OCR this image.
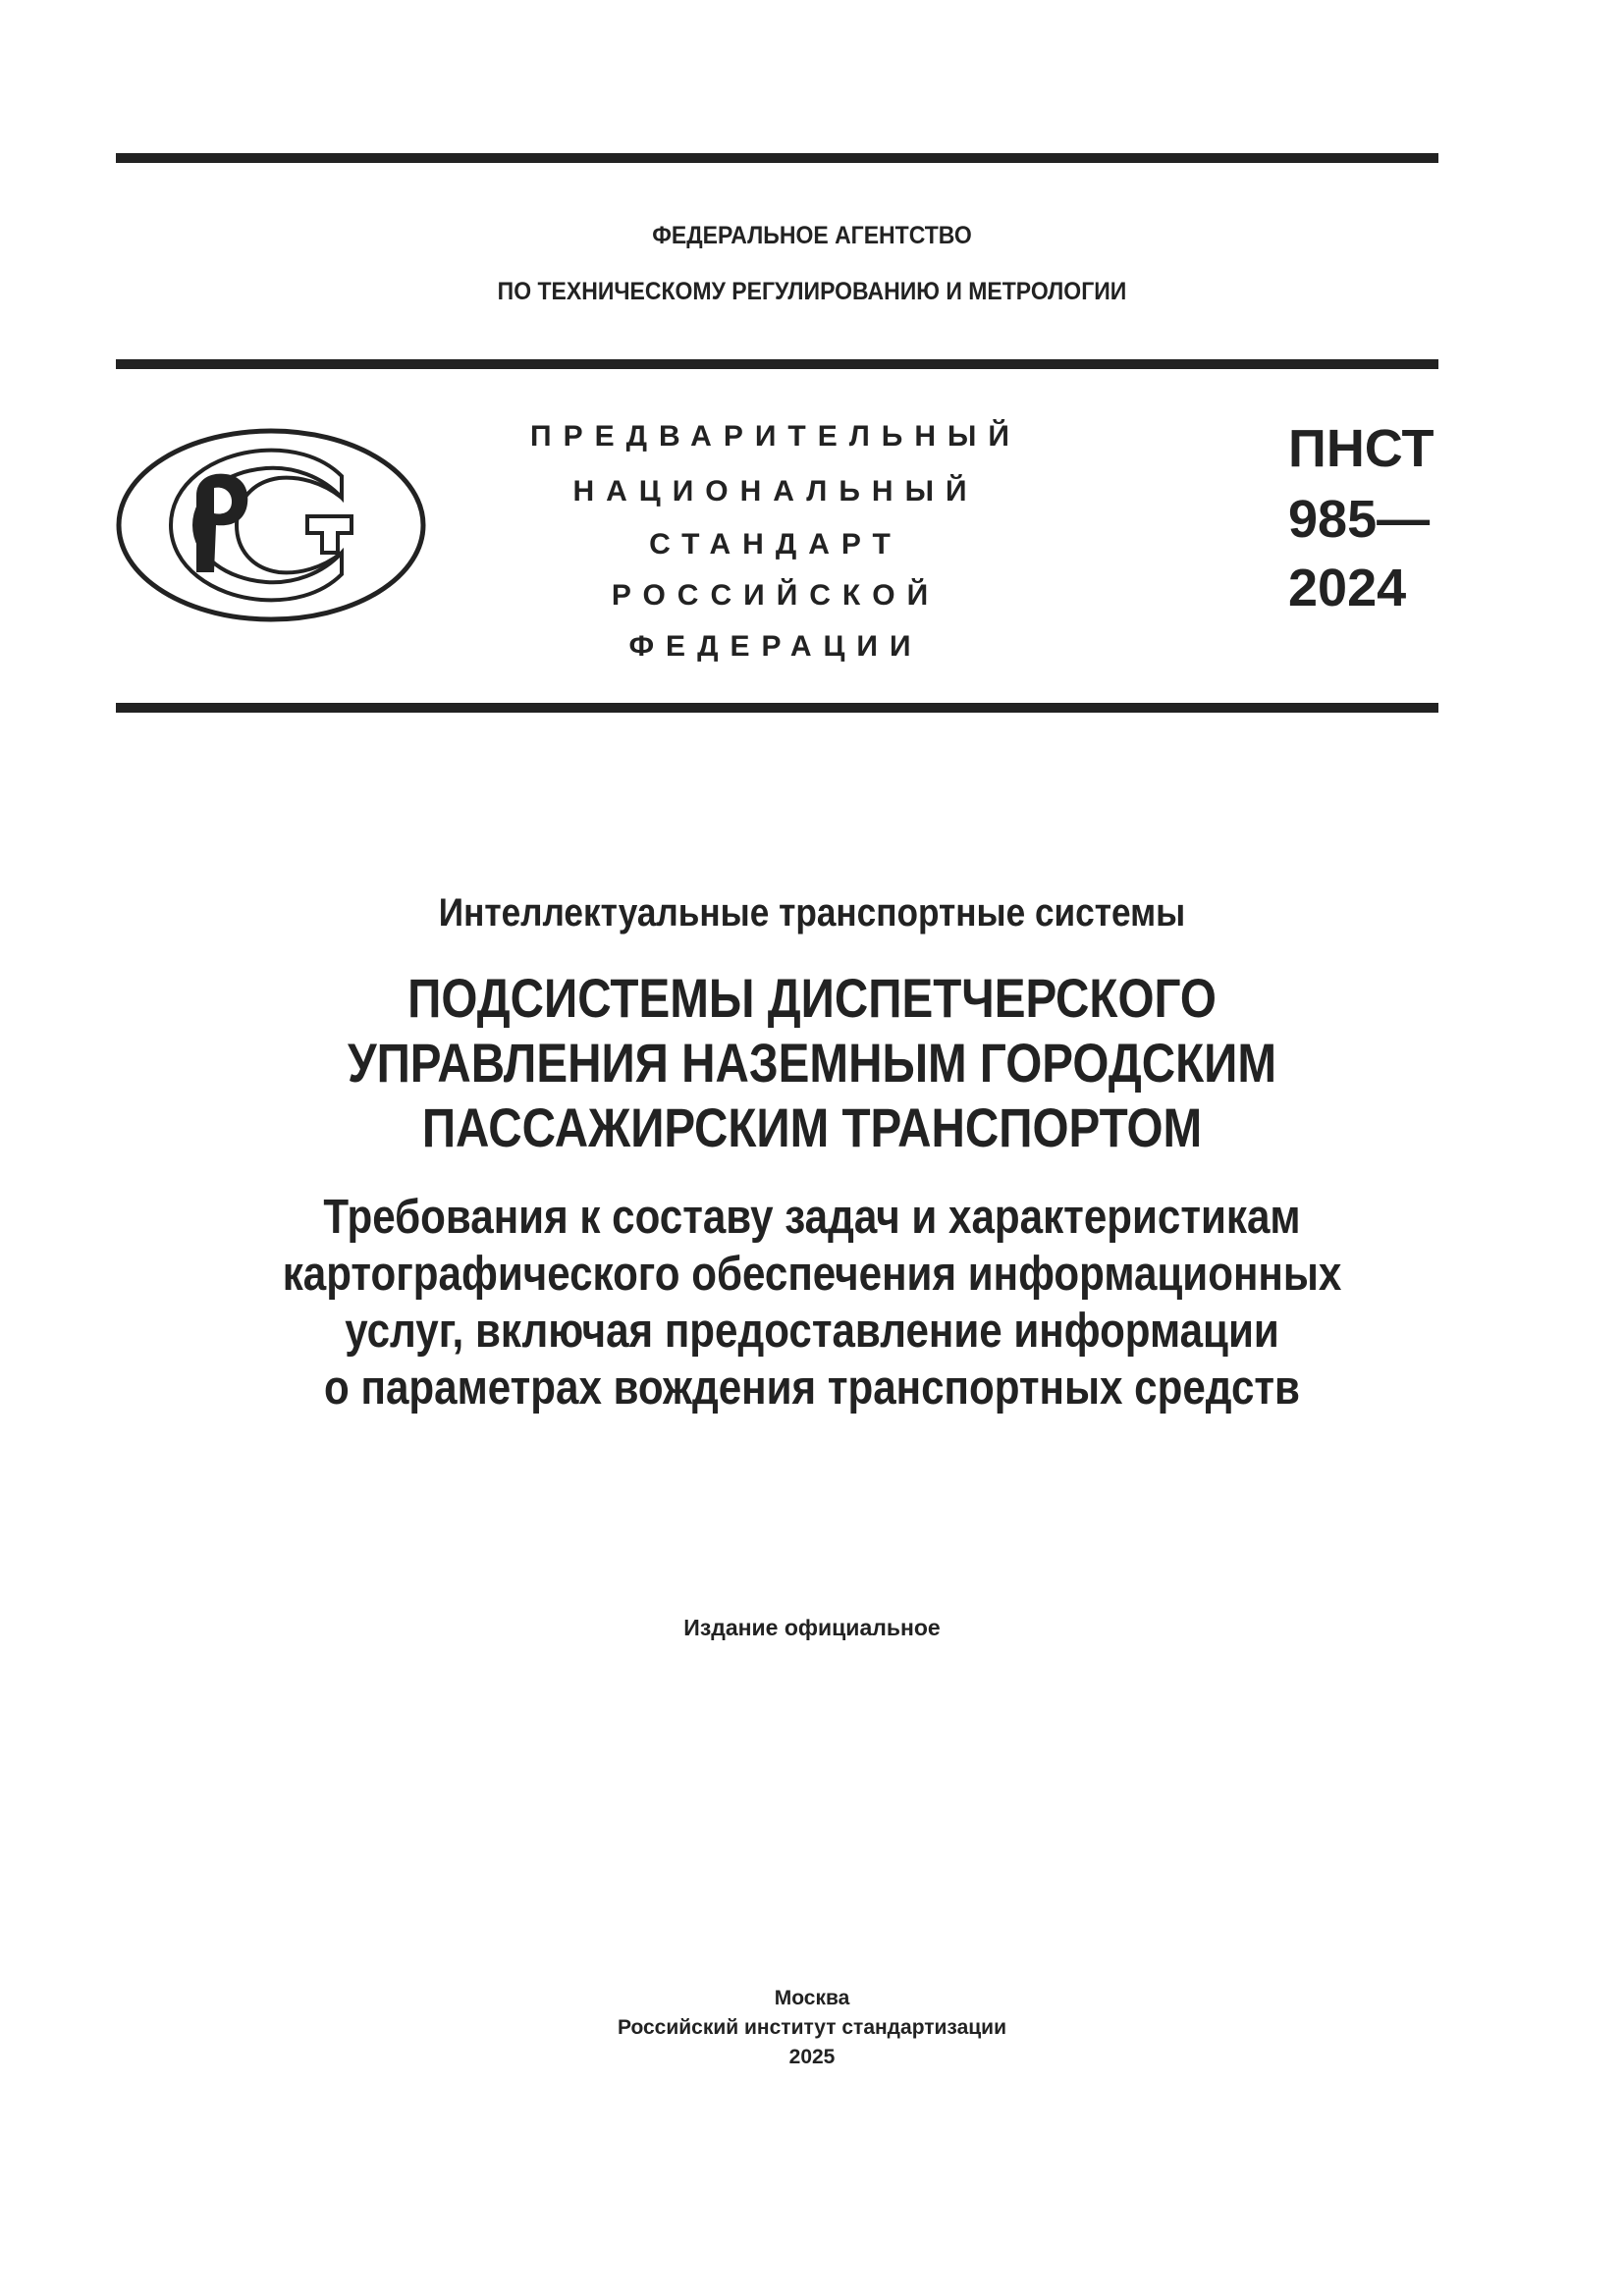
ФЕДЕРАЛЬНОЕ АГЕНТСТВО
ПО ТЕХНИЧЕСКОМУ РЕГУЛИРОВАНИЮ И МЕТРОЛОГИИ
ПРЕДВАРИТЕЛЬНЫЙ
НАЦИОНАЛЬНЫЙ
СТАНДАРТ
РОССИЙСКОЙ
ФЕДЕРАЦИИ
ПНСТ
985—
2024
Интеллектуальные транспортные системы
ПОДСИСТЕМЫ ДИСПЕТЧЕРСКОГО
УПРАВЛЕНИЯ НАЗЕМНЫМ ГОРОДСКИМ
ПАССАЖИРСКИМ ТРАНСПОРТОМ
Требования к составу задач и характеристикам
картографического обеспечения информационных
услуг, включая предоставление информации
о параметрах вождения транспортных средств
Издание официальное
Москва
Российский институт стандартизации
2025
